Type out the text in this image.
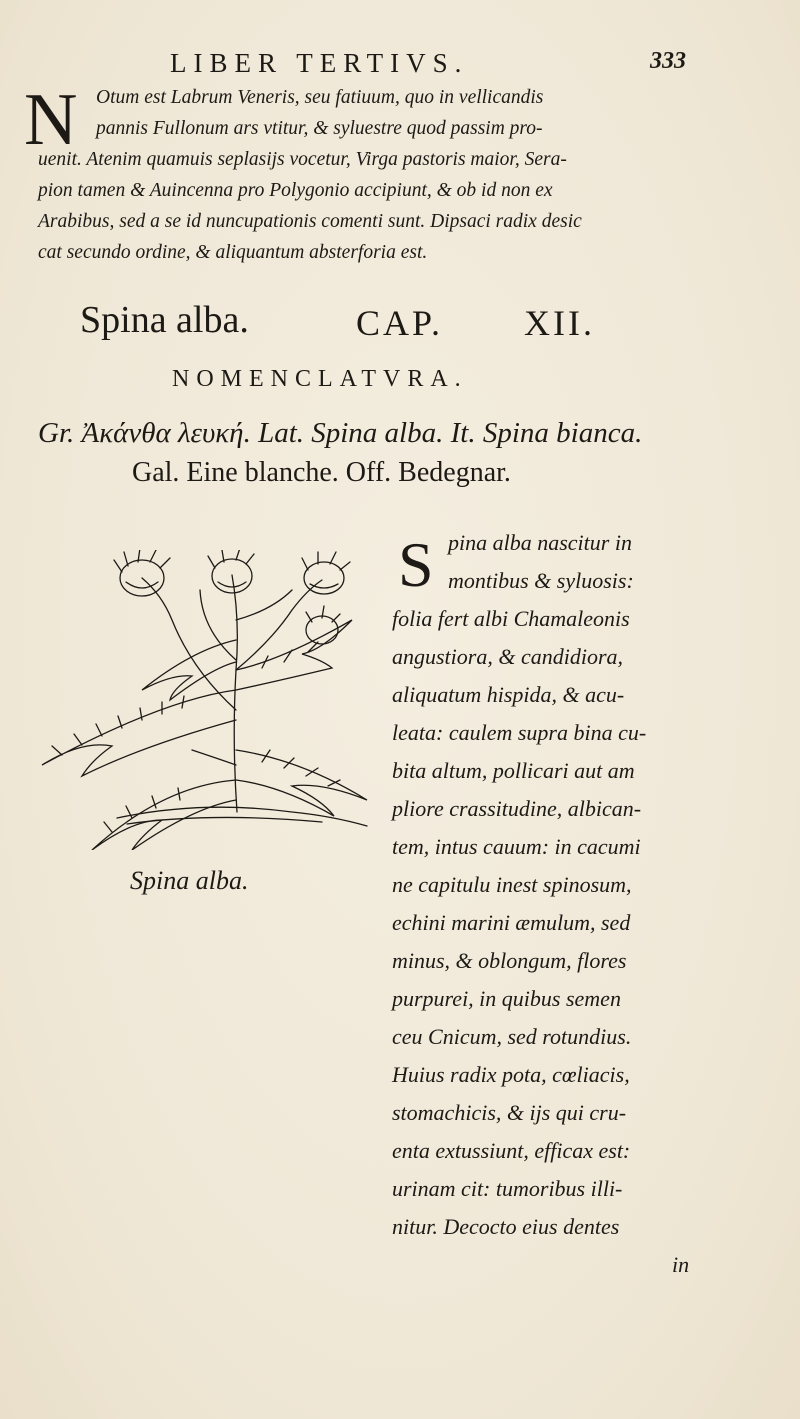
LIBER TERTIVS.	333
N Otum est Labrum Veneris, seu fatiuum, quo in vellicandis
pannis Fullonum ars vtitur, & syluestre quod passim pro-
uenit. Atenim quamuis seplasijs vocetur, Virga pastoris maior, Sera-
pion tamen & Auincenna pro Polygonio accipiunt, & ob id non ex
Arabibus, sed a se id nuncupationis comenti sunt. Dipsaci radix desic
cat secundo ordine, & aliquantum absterforia est.
Spina alba.	CAP. XII.
NOMENCLATVRA.
Gr. Ἀκάνθα λευκή. Lat. Spina alba. It. Spina bianca.
Gal. Eine blanche. Off. Bedegnar.
Spina alba.
S pina alba nascitur in
montibus & syluosis:
folia fert albi Chamaleonis
angustiora, & candidiora,
aliquatum hispida, & acu-
leata: caulem supra bina cu-
bita altum, pollicari aut am
pliore crassitudine, albican-
tem, intus cauum: in cacumi
ne capitulu inest spinosum,
echini marini æmulum, sed
minus, & oblongum, flores
purpurei, in quibus semen
ceu Cnicum, sed rotundius.
Huius radix pota, cœliacis,
stomachicis, & ijs qui cru-
enta extussiunt, efficax est:
urinam cit: tumoribus illi-
nitur. Decocto eius dentes
in
